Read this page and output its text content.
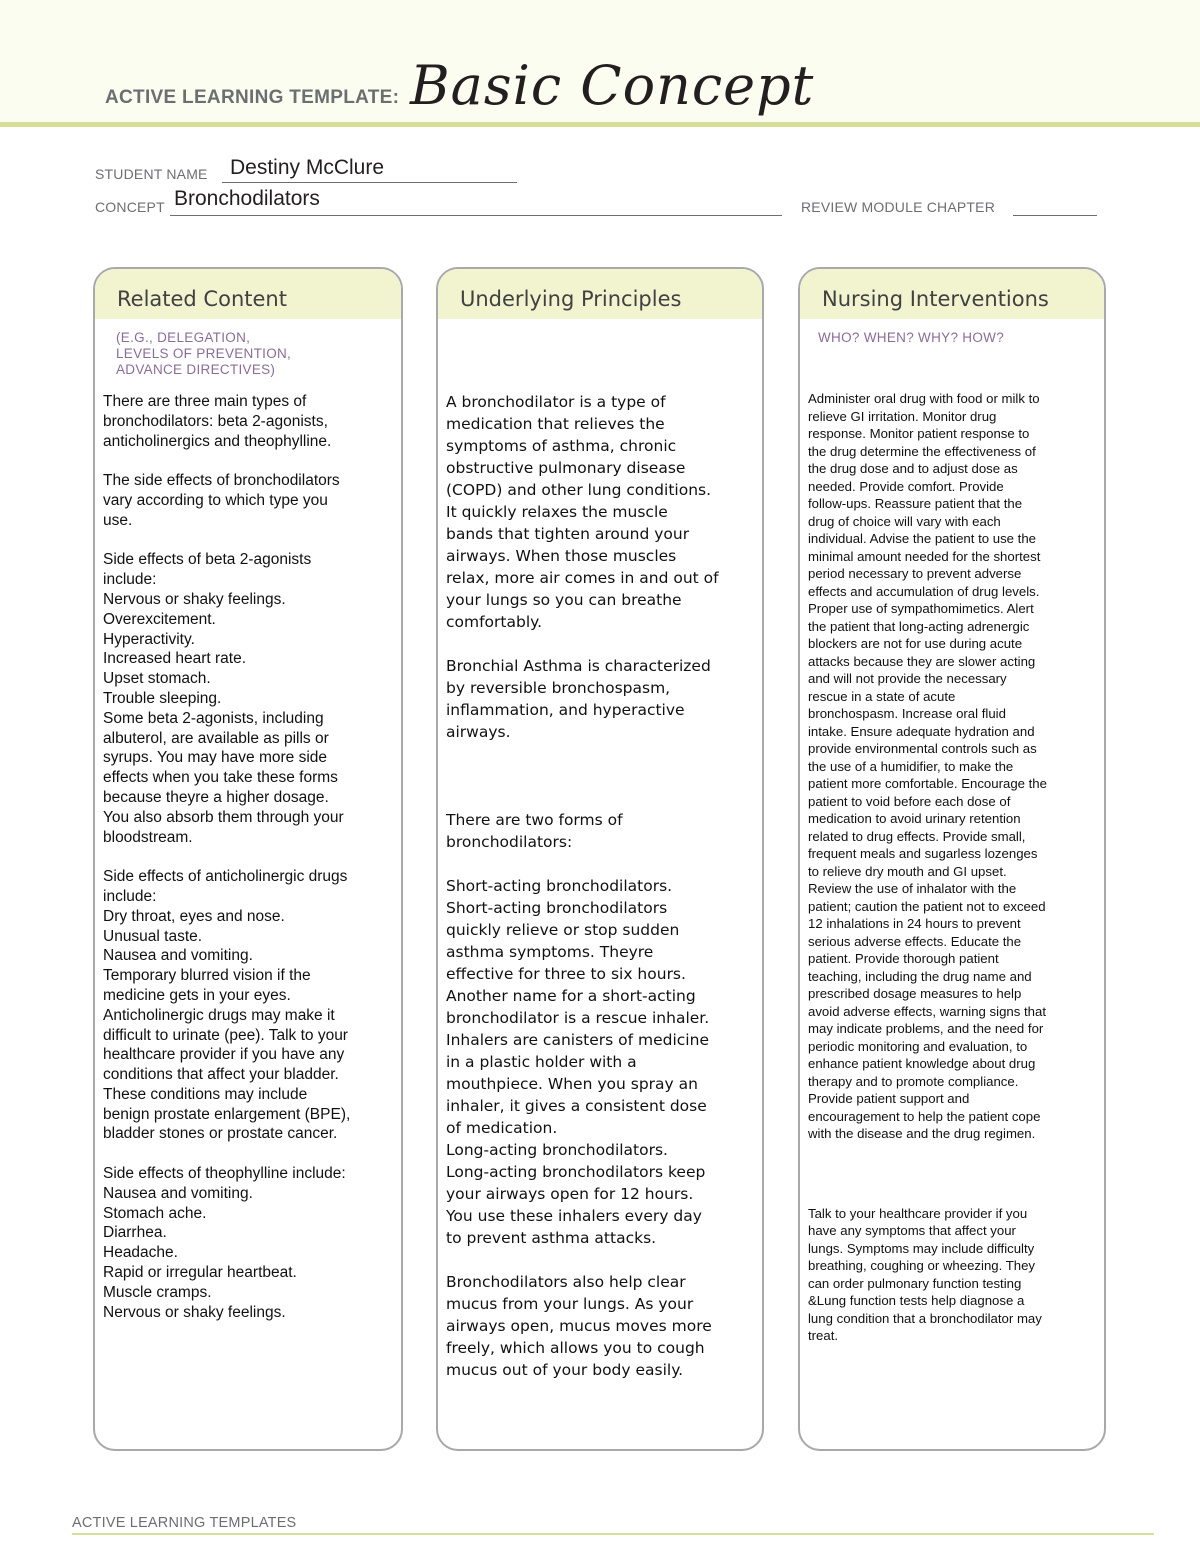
ACTIVE LEARNING TEMPLATE: Basic Concept
STUDENT NAME Destiny McClure
CONCEPT Bronchodilators	REVIEW MODULE CHAPTER
Related Content
(E.G., DELEGATION,
LEVELS OF PREVENTION,
ADVANCE DIRECTIVES)
There are three main types of
bronchodilators: beta 2-agonists,
anticholinergics and theophylline.

The side effects of bronchodilators
vary according to which type you
use.

Side effects of beta 2-agonists
include:
Nervous or shaky feelings.
Overexcitement.
Hyperactivity.
Increased heart rate.
Upset stomach.
Trouble sleeping.
Some beta 2-agonists, including
albuterol, are available as pills or
syrups. You may have more side
effects when you take these forms
because theyre a higher dosage.
You also absorb them through your
bloodstream.

Side effects of anticholinergic drugs
include:
Dry throat, eyes and nose.
Unusual taste.
Nausea and vomiting.
Temporary blurred vision if the
medicine gets in your eyes.
Anticholinergic drugs may make it
difficult to urinate (pee). Talk to your
healthcare provider if you have any
conditions that affect your bladder.
These conditions may include
benign prostate enlargement (BPE),
bladder stones or prostate cancer.

Side effects of theophylline include:
Nausea and vomiting.
Stomach ache.
Diarrhea.
Headache.
Rapid or irregular heartbeat.
Muscle cramps.
Nervous or shaky feelings.
Underlying Principles
A bronchodilator is a type of
medication that relieves the
symptoms of asthma, chronic
obstructive pulmonary disease
(COPD) and other lung conditions.
It quickly relaxes the muscle
bands that tighten around your
airways. When those muscles
relax, more air comes in and out of
your lungs so you can breathe
comfortably.

Bronchial Asthma is characterized
by reversible bronchospasm,
inflammation, and hyperactive
airways.

There are two forms of
bronchodilators:

Short-acting bronchodilators.
Short-acting bronchodilators
quickly relieve or stop sudden
asthma symptoms. Theyre
effective for three to six hours.
Another name for a short-acting
bronchodilator is a rescue inhaler.
Inhalers are canisters of medicine
in a plastic holder with a
mouthpiece. When you spray an
inhaler, it gives a consistent dose
of medication.
Long-acting bronchodilators.
Long-acting bronchodilators keep
your airways open for 12 hours.
You use these inhalers every day
to prevent asthma attacks.

Bronchodilators also help clear
mucus from your lungs. As your
airways open, mucus moves more
freely, which allows you to cough
mucus out of your body easily.
Nursing Interventions
WHO? WHEN? WHY? HOW?
Administer oral drug with food or milk to
relieve GI irritation. Monitor drug
response. Monitor patient response to
the drug determine the effectiveness of
the drug dose and to adjust dose as
needed. Provide comfort. Provide
follow-ups. Reassure patient that the
drug of choice will vary with each
individual. Advise the patient to use the
minimal amount needed for the shortest
period necessary to prevent adverse
effects and accumulation of drug levels.
Proper use of sympathomimetics. Alert
the patient that long-acting adrenergic
blockers are not for use during acute
attacks because they are slower acting
and will not provide the necessary
rescue in a state of acute
bronchospasm. Increase oral fluid
intake. Ensure adequate hydration and
provide environmental controls such as
the use of a humidifier, to make the
patient more comfortable. Encourage the
patient to void before each dose of
medication to avoid urinary retention
related to drug effects. Provide small,
frequent meals and sugarless lozenges
to relieve dry mouth and GI upset.
Review the use of inhalator with the
patient; caution the patient not to exceed
12 inhalations in 24 hours to prevent
serious adverse effects. Educate the
patient. Provide thorough patient
teaching, including the drug name and
prescribed dosage measures to help
avoid adverse effects, warning signs that
may indicate problems, and the need for
periodic monitoring and evaluation, to
enhance patient knowledge about drug
therapy and to promote compliance.
Provide patient support and
encouragement to help the patient cope
with the disease and the drug regimen.
Talk to your healthcare provider if you
have any symptoms that affect your
lungs. Symptoms may include difficulty
breathing, coughing or wheezing. They
can order pulmonary function testing
&Lung function tests help diagnose a
lung condition that a bronchodilator may
treat.
ACTIVE LEARNING TEMPLATES
